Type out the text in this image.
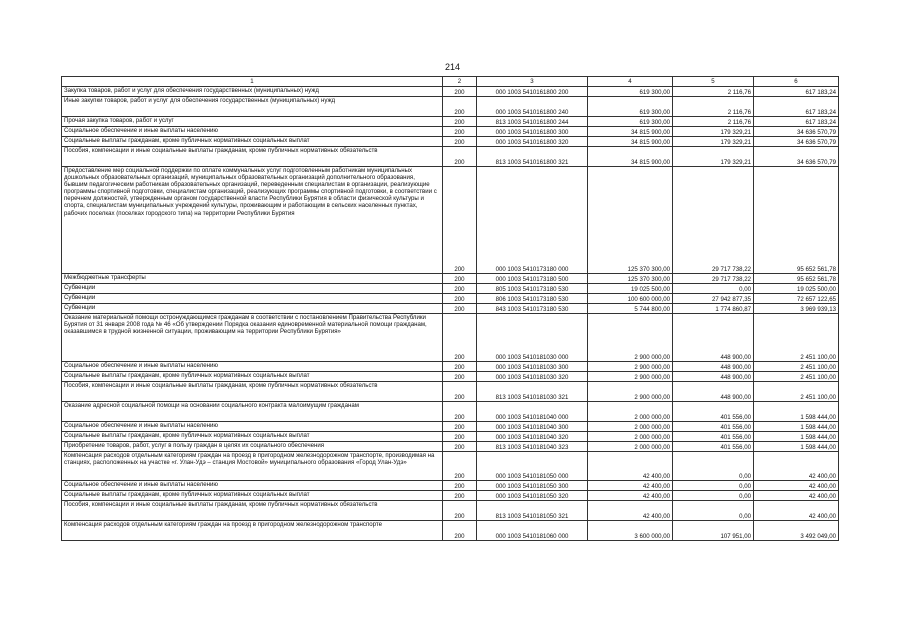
214
1	2	3	4	5	6
Закупка товаров, работ и услуг для обеспечения государственных (муниципальных) нужд	200	000 1003 5410161800 200	619 300,00	2 116,76	617 183,24
Иные закупки товаров, работ и услуг для обеспечения государственных (муниципальных) нужд	200	000 1003 5410161800 240	619 300,00	2 116,76	617 183,24
Прочая закупка товаров, работ и услуг	200	813 1003 5410161800 244	619 300,00	2 116,76	617 183,24
Социальное обеспечение и иные выплаты населению	200	000 1003 5410161800 300	34 815 900,00	179 329,21	34 636 570,79
Социальные выплаты гражданам, кроме публичных нормативных социальных выплат	200	000 1003 5410161800 320	34 815 900,00	179 329,21	34 636 570,79
Пособия, компенсации и иные социальные выплаты гражданам, кроме публичных нормативных обязательств	200	813 1003 5410161800 321	34 815 900,00	179 329,21	34 636 570,79
Предоставление мер социальной поддержки по оплате коммунальных услуг подготовленным работникам муниципальных дошкольных образовательных организаций, муниципальных образовательных организаций дополнительного образования, бывшим педагогическим работникам образовательных организаций, переведенным специалистам в организации, реализующие программы спортивной подготовки, специалистам организаций, реализующих программы спортивной подготовки, в соответствии с перечнем должностей, утвержденным органом государственной власти Республики Бурятия в области физической культуры и спорта, специалистам муниципальных учреждений культуры, проживающим и работающим в сельских населенных пунктах, рабочих поселках (поселках городского типа) на территории Республики Бурятия	200	000 1003 5410173180 000	125 370 300,00	29 717 738,22	95 652 561,78
Межбюджетные трансферты	200	000 1003 5410173180 500	125 370 300,00	29 717 738,22	95 652 561,78
Субвенции	200	805 1003 5410173180 530	19 025 500,00	0,00	19 025 500,00
Субвенции	200	806 1003 5410173180 530	100 600 000,00	27 942 877,35	72 657 122,65
Субвенции	200	843 1003 5410173180 530	5 744 800,00	1 774 860,87	3 969 939,13
Оказание материальной помощи остронуждающимся гражданам в соответствии с постановлением Правительства Республики Бурятия от 31 января 2008 года № 46 «Об утверждении Порядка оказания единовременной материальной помощи гражданам, оказавшимся в трудной жизненной ситуации, проживающим на территории Республики Бурятия»	200	000 1003 5410181030 000	2 900 000,00	448 900,00	2 451 100,00
Социальное обеспечение и иные выплаты населению	200	000 1003 5410181030 300	2 900 000,00	448 900,00	2 451 100,00
Социальные выплаты гражданам, кроме публичных нормативных социальных выплат	200	000 1003 5410181030 320	2 900 000,00	448 900,00	2 451 100,00
Пособия, компенсации и иные социальные выплаты гражданам, кроме публичных нормативных обязательств	200	813 1003 5410181030 321	2 900 000,00	448 900,00	2 451 100,00
Оказание адресной социальной помощи на основании социального контракта малоимущим гражданам	200	000 1003 5410181040 000	2 000 000,00	401 556,00	1 598 444,00
Социальное обеспечение и иные выплаты населению	200	000 1003 5410181040 300	2 000 000,00	401 556,00	1 598 444,00
Социальные выплаты гражданам, кроме публичных нормативных социальных выплат	200	000 1003 5410181040 320	2 000 000,00	401 556,00	1 598 444,00
Приобретение товаров, работ, услуг в пользу граждан в целях их социального обеспечения	200	813 1003 5410181040 323	2 000 000,00	401 556,00	1 598 444,00
Компенсация расходов отдельным категориям граждан на проезд в пригородном железнодорожном транспорте, производимая на станциях, расположенных на участке «г. Улан-Удэ – станция Мостовой» муниципального образования «Город Улан-Удэ»	200	000 1003 5410181050 000	42 400,00	0,00	42 400,00
Социальное обеспечение и иные выплаты населению	200	000 1003 5410181050 300	42 400,00	0,00	42 400,00
Социальные выплаты гражданам, кроме публичных нормативных социальных выплат	200	000 1003 5410181050 320	42 400,00	0,00	42 400,00
Пособия, компенсации и иные социальные выплаты гражданам, кроме публичных нормативных обязательств	200	813 1003 5410181050 321	42 400,00	0,00	42 400,00
Компенсация расходов отдельным категориям граждан на проезд в пригородном железнодорожном транспорте	200	000 1003 5410181060 000	3 600 000,00	107 951,00	3 492 049,00
